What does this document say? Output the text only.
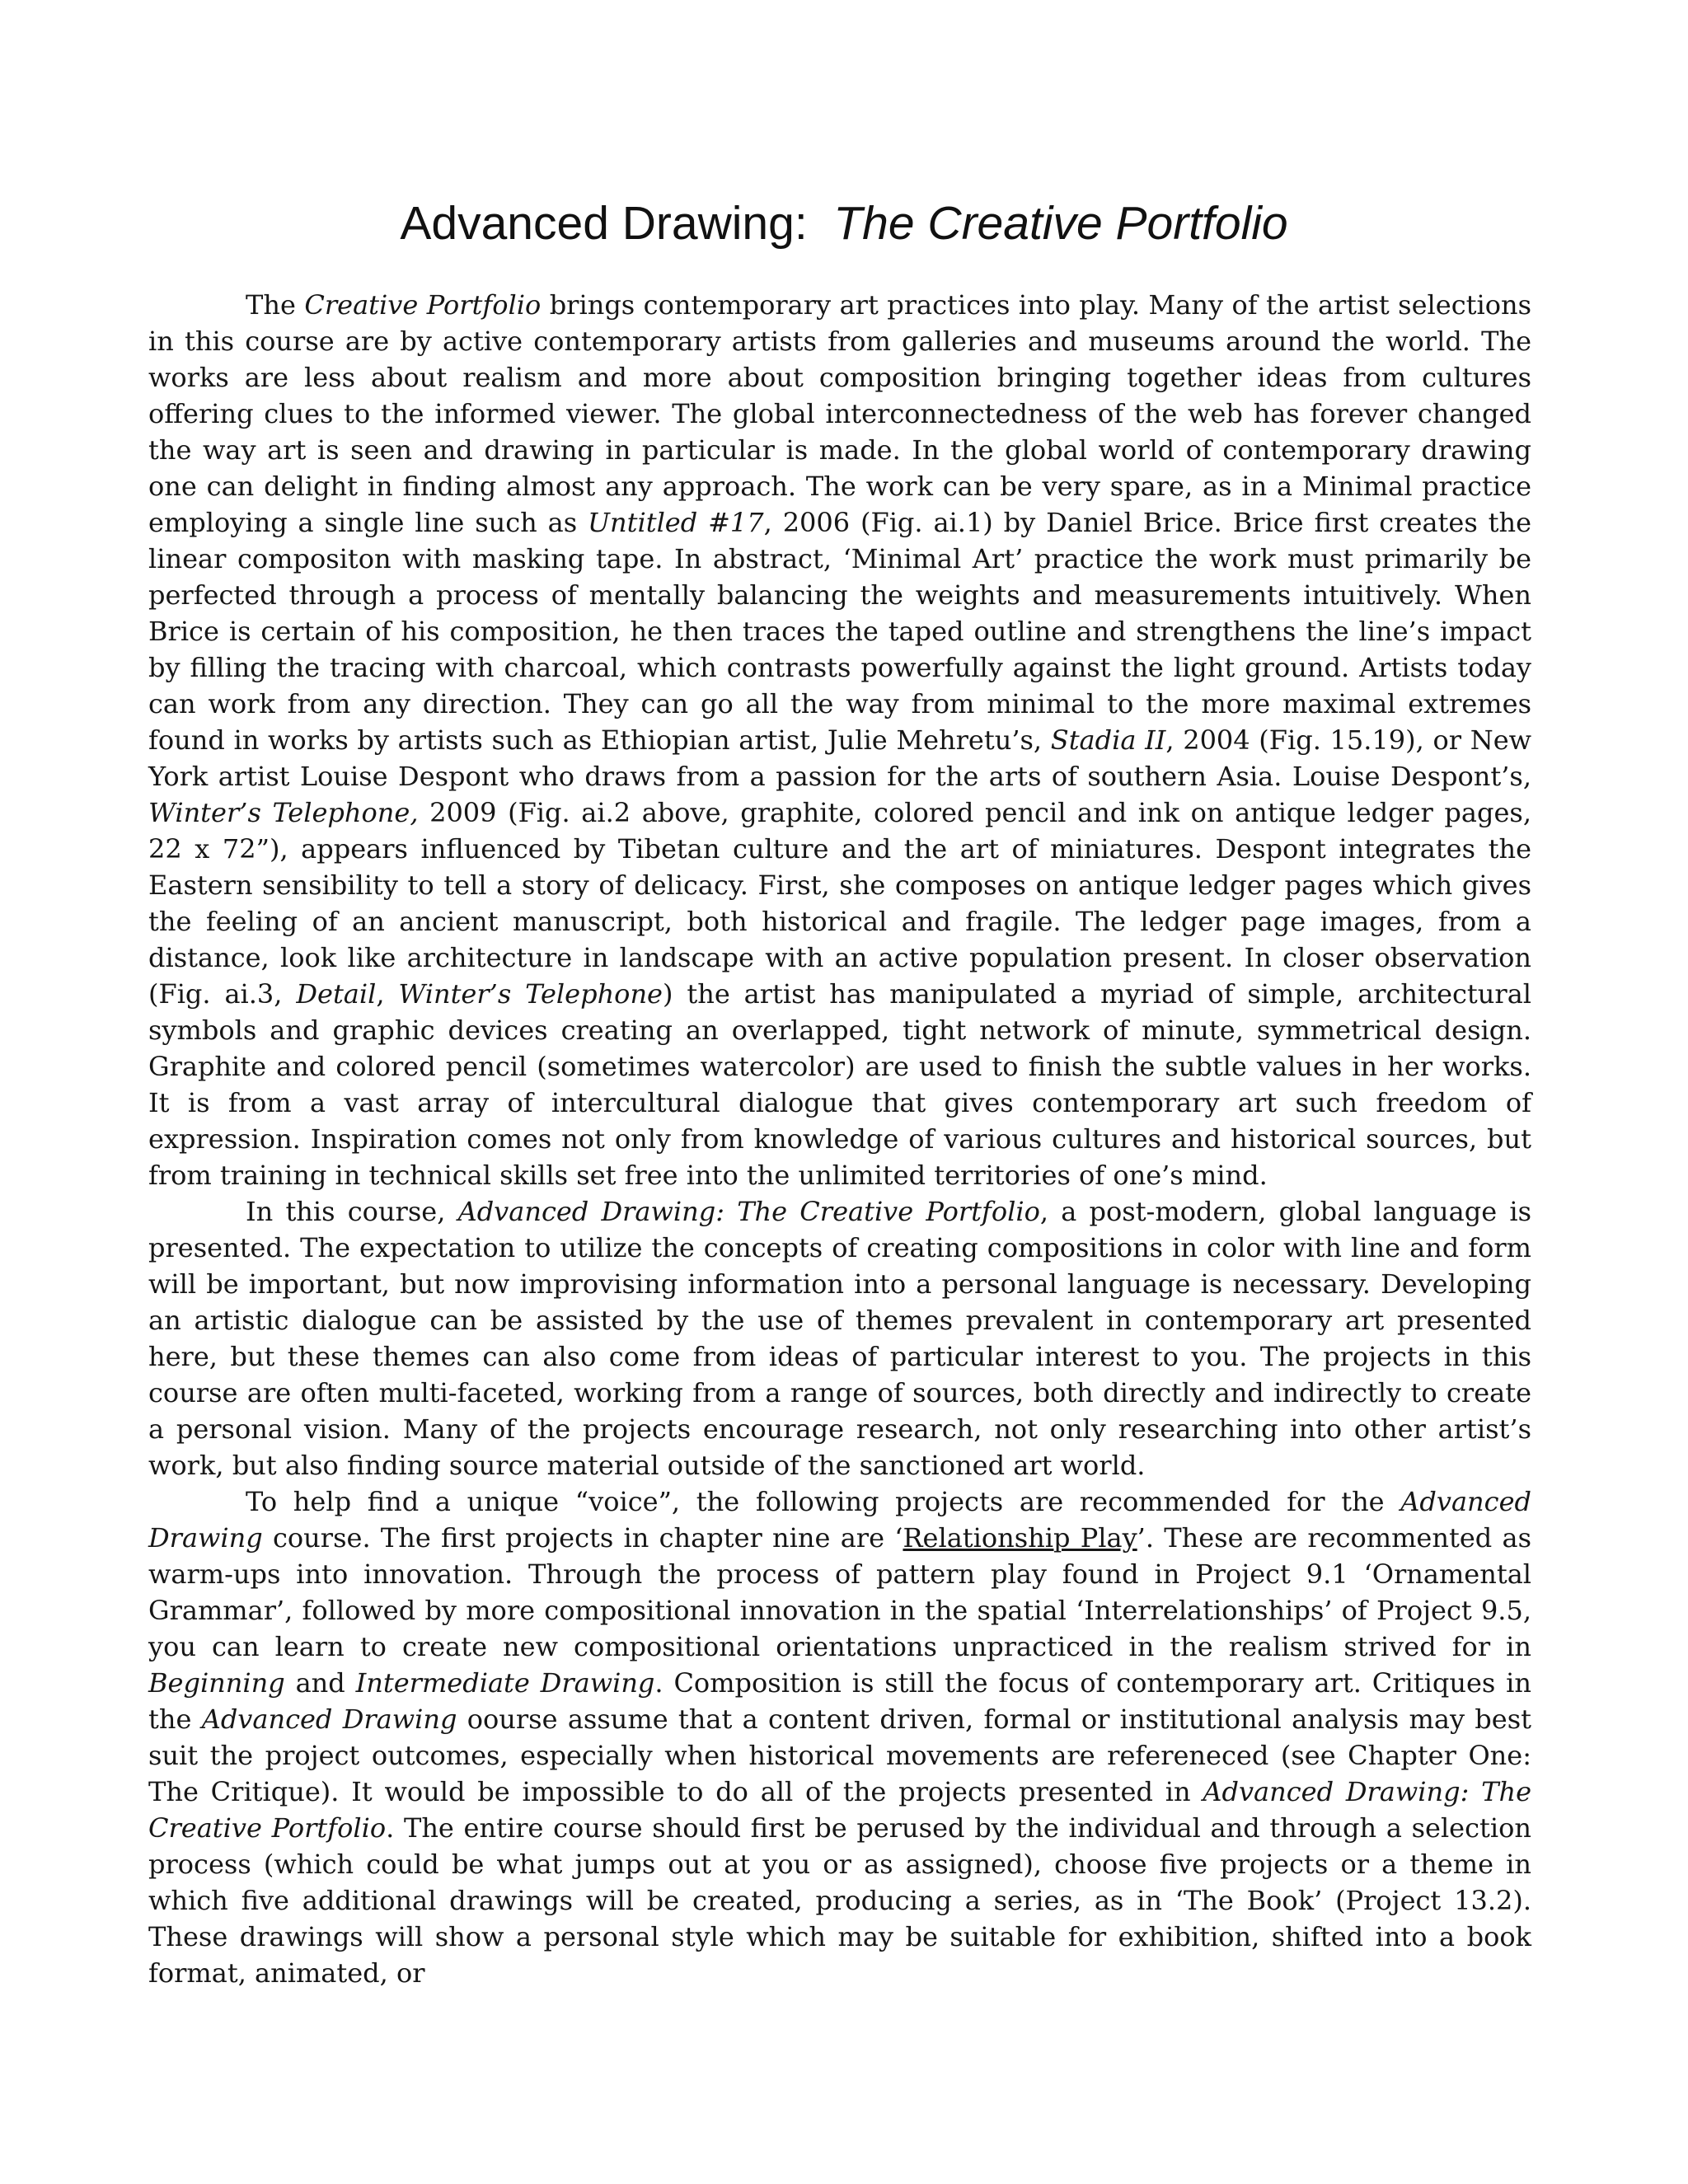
Advanced Drawing: The Creative Portfolio

The Creative Portfolio brings contemporary art practices into play. Many of the artist selections in this course are by active contemporary artists from galleries and museums around the world. The works are less about realism and more about composition bringing together ideas from cultures offering clues to the informed viewer. The global interconnectedness of the web has forever changed the way art is seen and drawing in particular is made. In the global world of contemporary drawing one can delight in finding almost any approach. The work can be very spare, as in a Minimal practice employing a single line such as Untitled #17, 2006 (Fig. ai.1) by Daniel Brice. Brice first creates the linear compositon with masking tape. In abstract, ‘Minimal Art’ practice the work must primarily be perfected through a process of mentally balancing the weights and measurements intuitively. When Brice is certain of his composition, he then traces the taped outline and strengthens the line’s impact by filling the tracing with charcoal, which contrasts powerfully against the light ground. Artists today can work from any direction. They can go all the way from minimal to the more maximal extremes found in works by artists such as Ethiopian artist, Julie Mehretu’s, Stadia II, 2004 (Fig. 15.19), or New York artist Louise Despont who draws from a passion for the arts of southern Asia. Louise Despont’s, Winter’s Telephone, 2009 (Fig. ai.2 above, graphite, colored pencil and ink on antique ledger pages, 22 x 72”), appears influenced by Tibetan culture and the art of miniatures. Despont integrates the Eastern sensibility to tell a story of delicacy. First, she composes on antique ledger pages which gives the feeling of an ancient manuscript, both historical and fragile. The ledger page images, from a distance, look like architecture in landscape with an active population present. In closer observation (Fig. ai.3, Detail, Winter’s Telephone) the artist has manipulated a myriad of simple, architectural symbols and graphic devices creating an overlapped, tight network of minute, symmetrical design. Graphite and colored pencil (sometimes watercolor) are used to finish the subtle values in her works. It is from a vast array of intercultural dialogue that gives contemporary art such freedom of expression. Inspiration comes not only from knowledge of various cultures and historical sources, but from training in technical skills set free into the unlimited territories of one’s mind.

In this course, Advanced Drawing: The Creative Portfolio, a post-modern, global language is presented. The expectation to utilize the concepts of creating compositions in color with line and form will be important, but now improvising information into a personal language is necessary. Developing an artistic dialogue can be assisted by the use of themes prevalent in contemporary art presented here, but these themes can also come from ideas of particular interest to you. The projects in this course are often multi-faceted, working from a range of sources, both directly and indirectly to create a personal vision. Many of the projects encourage research, not only researching into other artist’s work, but also finding source material outside of the sanctioned art world.

To help find a unique “voice”, the following projects are recommended for the Advanced Drawing course. The first projects in chapter nine are ‘Relationship Play’. These are recommented as warm-ups into innovation. Through the process of pattern play found in Project 9.1 ‘Ornamental Grammar’, followed by more compositional innovation in the spatial ‘Interrelationships’ of Project 9.5, you can learn to create new compositional orientations unpracticed in the realism strived for in Beginning and Intermediate Drawing. Composition is still the focus of contemporary art. Critiques in the Advanced Drawing oourse assume that a content driven, formal or institutional analysis may best suit the project outcomes, especially when historical movements are refereneced (see Chapter One: The Critique). It would be impossible to do all of the projects presented in Advanced Drawing: The Creative Portfolio. The entire course should first be perused by the individual and through a selection process (which could be what jumps out at you or as assigned), choose five projects or a theme in which five additional drawings will be created, producing a series, as in ‘The Book’ (Project 13.2). These drawings will show a personal style which may be suitable for exhibition, shifted into a book format, animated, or
